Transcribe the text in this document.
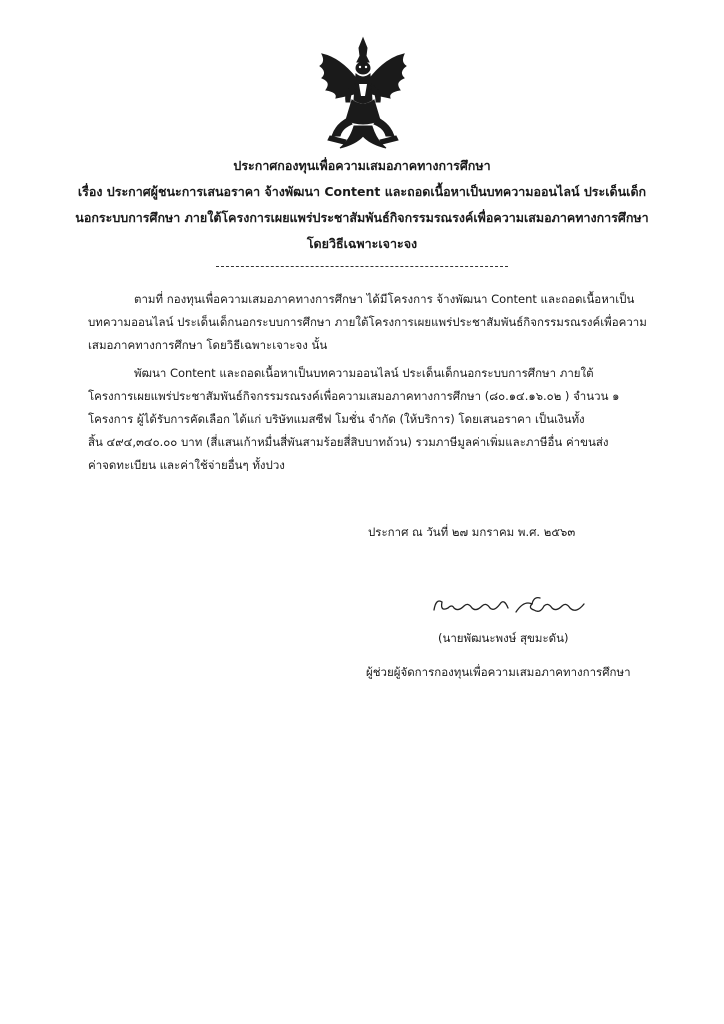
ประกาศกองทุนเพื่อความเสมอภาคทางการศึกษา
เรื่อง ประกาศผู้ชนะการเสนอราคา จ้างพัฒนา Content และถอดเนื้อหาเป็นบทความออนไลน์ ประเด็นเด็ก
นอกระบบการศึกษา ภายใต้โครงการเผยแพร่ประชาสัมพันธ์กิจกรรมรณรงค์เพื่อความเสมอภาคทางการศึกษา
โดยวิธีเฉพาะเจาะจง

ตามที่ กองทุนเพื่อความเสมอภาคทางการศึกษา ได้มีโครงการ จ้างพัฒนา Content และถอดเนื้อหาเป็น

บทความออนไลน์ ประเด็นเด็กนอกระบบการศึกษา ภายใต้โครงการเผยแพร่ประชาสัมพันธ์กิจกรรมรณรงค์เพื่อความ

เสมอภาคทางการศึกษา โดยวิธีเฉพาะเจาะจง นั้น

พัฒนา Content และถอดเนื้อหาเป็นบทความออนไลน์ ประเด็นเด็กนอกระบบการศึกษา ภายใต้

โครงการเผยแพร่ประชาสัมพันธ์กิจกรรมรณรงค์เพื่อความเสมอภาคทางการศึกษา (๘๐.๑๔.๑๖.๐๒ ) จำนวน ๑

โครงการ ผู้ได้รับการคัดเลือก ได้แก่ บริษัทแมสซีฟ โมชั่น จำกัด (ให้บริการ) โดยเสนอราคา เป็นเงินทั้ง

สิ้น ๔๙๔,๓๔๐.๐๐ บาท (สี่แสนเก้าหมื่นสี่พันสามร้อยสี่สิบบาทถ้วน) รวมภาษีมูลค่าเพิ่มและภาษีอื่น ค่าขนส่ง

ค่าจดทะเบียน และค่าใช้จ่ายอื่นๆ ทั้งปวง

ประกาศ ณ วันที่ ๒๗ มกราคม พ.ศ. ๒๕๖๓
(นายพัฒนะพงษ์ สุขมะดัน)
ผู้ช่วยผู้จัดการกองทุนเพื่อความเสมอภาคทางการศึกษา
